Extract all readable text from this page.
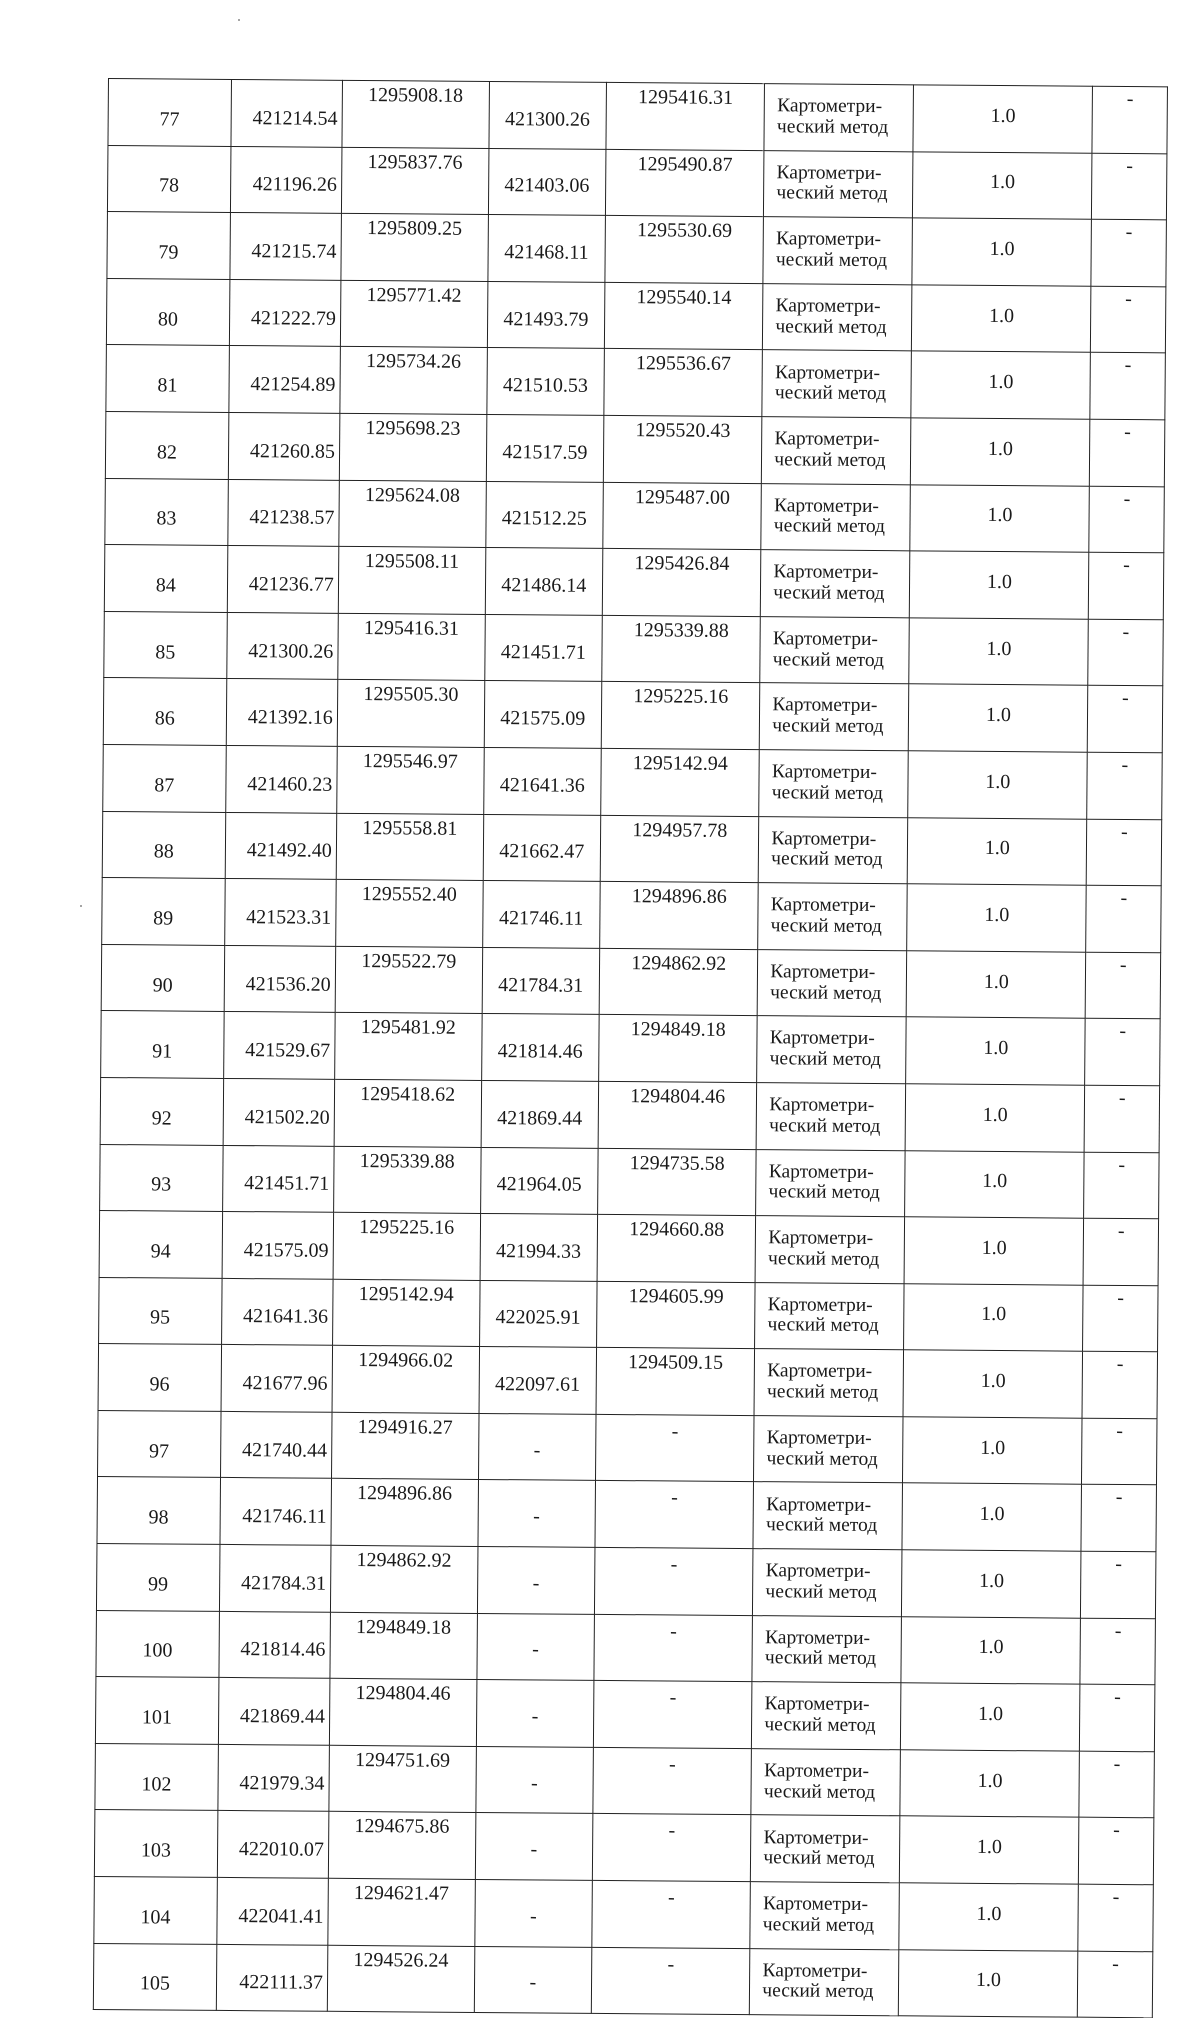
77	421214.54	1295908.18	421300.26	1295416.31	Картометри-
ческий метод	1.0	-
78	421196.26	1295837.76	421403.06	1295490.87	Картометри-
ческий метод	1.0	-
79	421215.74	1295809.25	421468.11	1295530.69	Картометри-
ческий метод	1.0	-
80	421222.79	1295771.42	421493.79	1295540.14	Картометри-
ческий метод	1.0	-
81	421254.89	1295734.26	421510.53	1295536.67	Картометри-
ческий метод	1.0	-
82	421260.85	1295698.23	421517.59	1295520.43	Картометри-
ческий метод	1.0	-
83	421238.57	1295624.08	421512.25	1295487.00	Картометри-
ческий метод	1.0	-
84	421236.77	1295508.11	421486.14	1295426.84	Картометри-
ческий метод	1.0	-
85	421300.26	1295416.31	421451.71	1295339.88	Картометри-
ческий метод	1.0	-
86	421392.16	1295505.30	421575.09	1295225.16	Картометри-
ческий метод	1.0	-
87	421460.23	1295546.97	421641.36	1295142.94	Картометри-
ческий метод	1.0	-
88	421492.40	1295558.81	421662.47	1294957.78	Картометри-
ческий метод	1.0	-
89	421523.31	1295552.40	421746.11	1294896.86	Картометри-
ческий метод	1.0	-
90	421536.20	1295522.79	421784.31	1294862.92	Картометри-
ческий метод	1.0	-
91	421529.67	1295481.92	421814.46	1294849.18	Картометри-
ческий метод	1.0	-
92	421502.20	1295418.62	421869.44	1294804.46	Картометри-
ческий метод	1.0	-
93	421451.71	1295339.88	421964.05	1294735.58	Картометри-
ческий метод	1.0	-
94	421575.09	1295225.16	421994.33	1294660.88	Картометри-
ческий метод	1.0	-
95	421641.36	1295142.94	422025.91	1294605.99	Картометри-
ческий метод	1.0	-
96	421677.96	1294966.02	422097.61	1294509.15	Картометри-
ческий метод	1.0	-
97	421740.44	1294916.27	-	-	Картометри-
ческий метод	1.0	-
98	421746.11	1294896.86	-	-	Картометри-
ческий метод	1.0	-
99	421784.31	1294862.92	-	-	Картометри-
ческий метод	1.0	-
100	421814.46	1294849.18	-	-	Картометри-
ческий метод	1.0	-
101	421869.44	1294804.46	-	-	Картометри-
ческий метод	1.0	-
102	421979.34	1294751.69	-	-	Картометри-
ческий метод	1.0	-
103	422010.07	1294675.86	-	-	Картометри-
ческий метод	1.0	-
104	422041.41	1294621.47	-	-	Картометри-
ческий метод	1.0	-
105	422111.37	1294526.24	-	-	Картометри-
ческий метод	1.0	-
